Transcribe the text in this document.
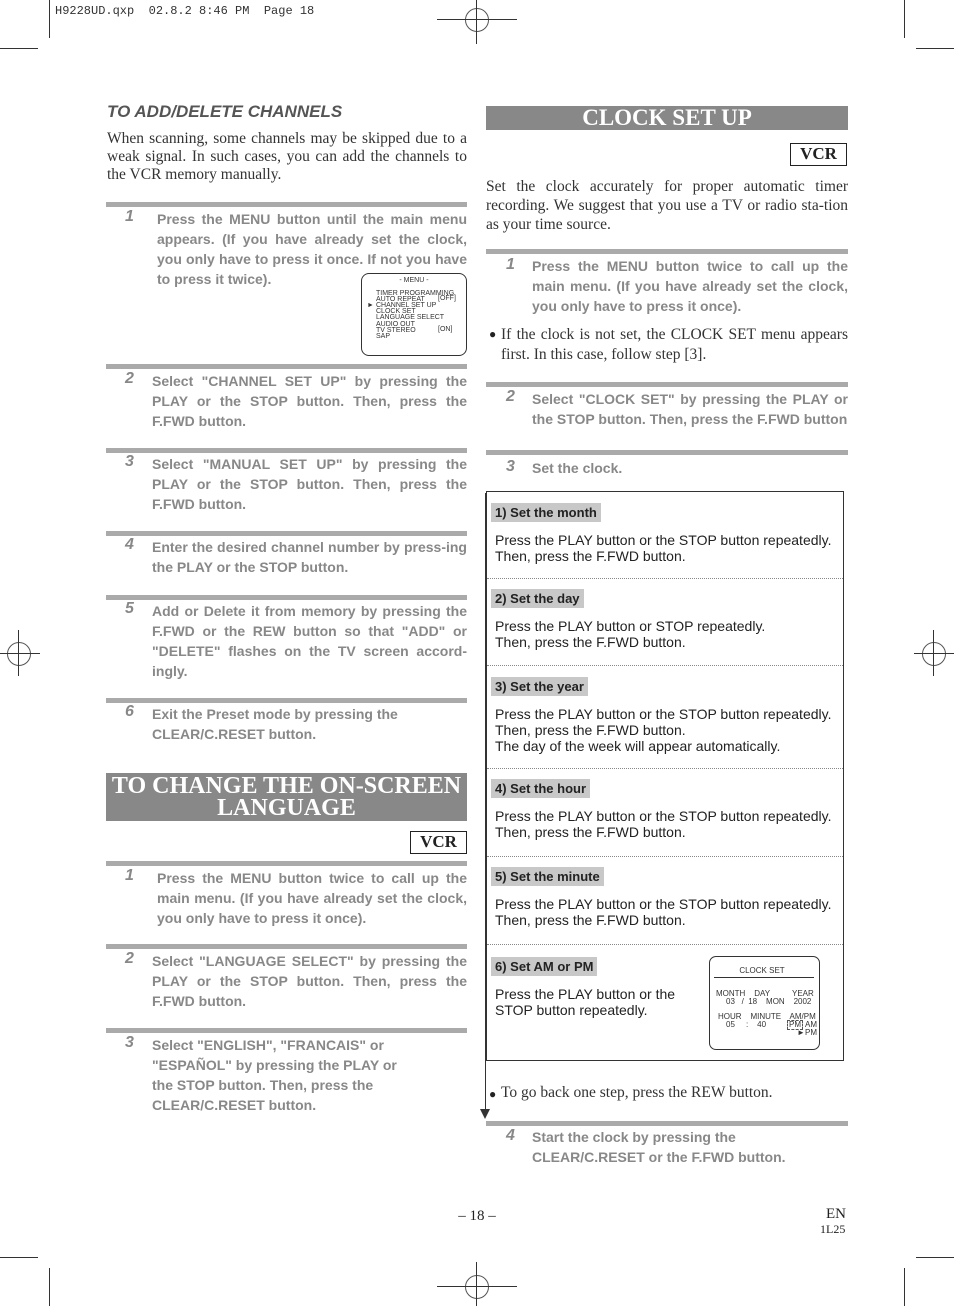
H9228UD.qxp  02.8.2 8:46 PM  Page 18
TO ADD/DELETE CHANNELS
When scanning, some channels may be skipped due to a weak signal. In such cases, you can add the channels to the VCR memory manually.
1 Press the MENU button until the main menu appears. (If you have already set the clock, you only have to press it once. If not you have to press it twice).	- MENU -
TIMER PROGRAMMING
AUTO REPEAT [OFF]
► CHANNEL SET UP
CLOCK SET
LANGUAGE SELECT
AUDIO OUT
TV STEREO	[ON]
SAP
2 Select "CHANNEL SET UP" by pressing the PLAY or the STOP button. Then, press the F.FWD button.
3 Select "MANUAL SET UP" by pressing the PLAY or the STOP button. Then, press the F.FWD button.
4 Enter the desired channel number by press-ing the PLAY or the STOP button.
5 Add or Delete it from memory by pressing the F.FWD or the REW button so that "ADD" or "DELETE" flashes on the TV screen accord-ingly.
6 Exit the Preset mode by pressing the CLEAR/C.RESET button.
TO CHANGE THE ON-SCREEN
LANGUAGE
VCR
1 Press the MENU button twice to call up the main menu. (If you have already set the clock, you only have to press it once).
2 Select "LANGUAGE SELECT" by pressing the PLAY or the STOP button. Then, press the F.FWD button.
3 Select "ENGLISH", "FRANCAIS" or "ESPAÑOL" by pressing the PLAY or the STOP button. Then, press the CLEAR/C.RESET button.
CLOCK SET UP
VCR
Set the clock accurately for proper automatic timer recording. We suggest that you use a TV or radio sta-tion as your time source.
1 Press the MENU button twice to call up the main menu. (If you have already set the clock, you only have to press it once).
● If the clock is not set, the CLOCK SET menu appears first. In this case, follow step [3].
2 Select "CLOCK SET" by pressing the PLAY or the STOP button. Then, press the F.FWD button
3 Set the clock.
1) Set the month
Press the PLAY button or the STOP button repeatedly.
Then, press the F.FWD button.
2) Set the day
Press the PLAY button or STOP repeatedly.
Then, press the F.FWD button.
3) Set the year
Press the PLAY button or the STOP button repeatedly.
Then, press the F.FWD button.
The day of the week will appear automatically.
4) Set the hour
Press the PLAY button or the STOP button repeatedly.
Then, press the F.FWD button.
5) Set the minute
Press the PLAY button or the STOP button repeatedly.
Then, press the F.FWD button.
6) Set AM or PM
Press the PLAY button or the
STOP button repeatedly.
CLOCK SET
MONTH    DAY          YEAR
03   /  18    MON    2002
HOUR    MINUTE    AM/PM
05     :    40	PM AM
► PM
● To go back one step, press the REW button.
4 Start the clock by pressing the CLEAR/C.RESET or the F.FWD button.
– 18 –	EN
1L25
